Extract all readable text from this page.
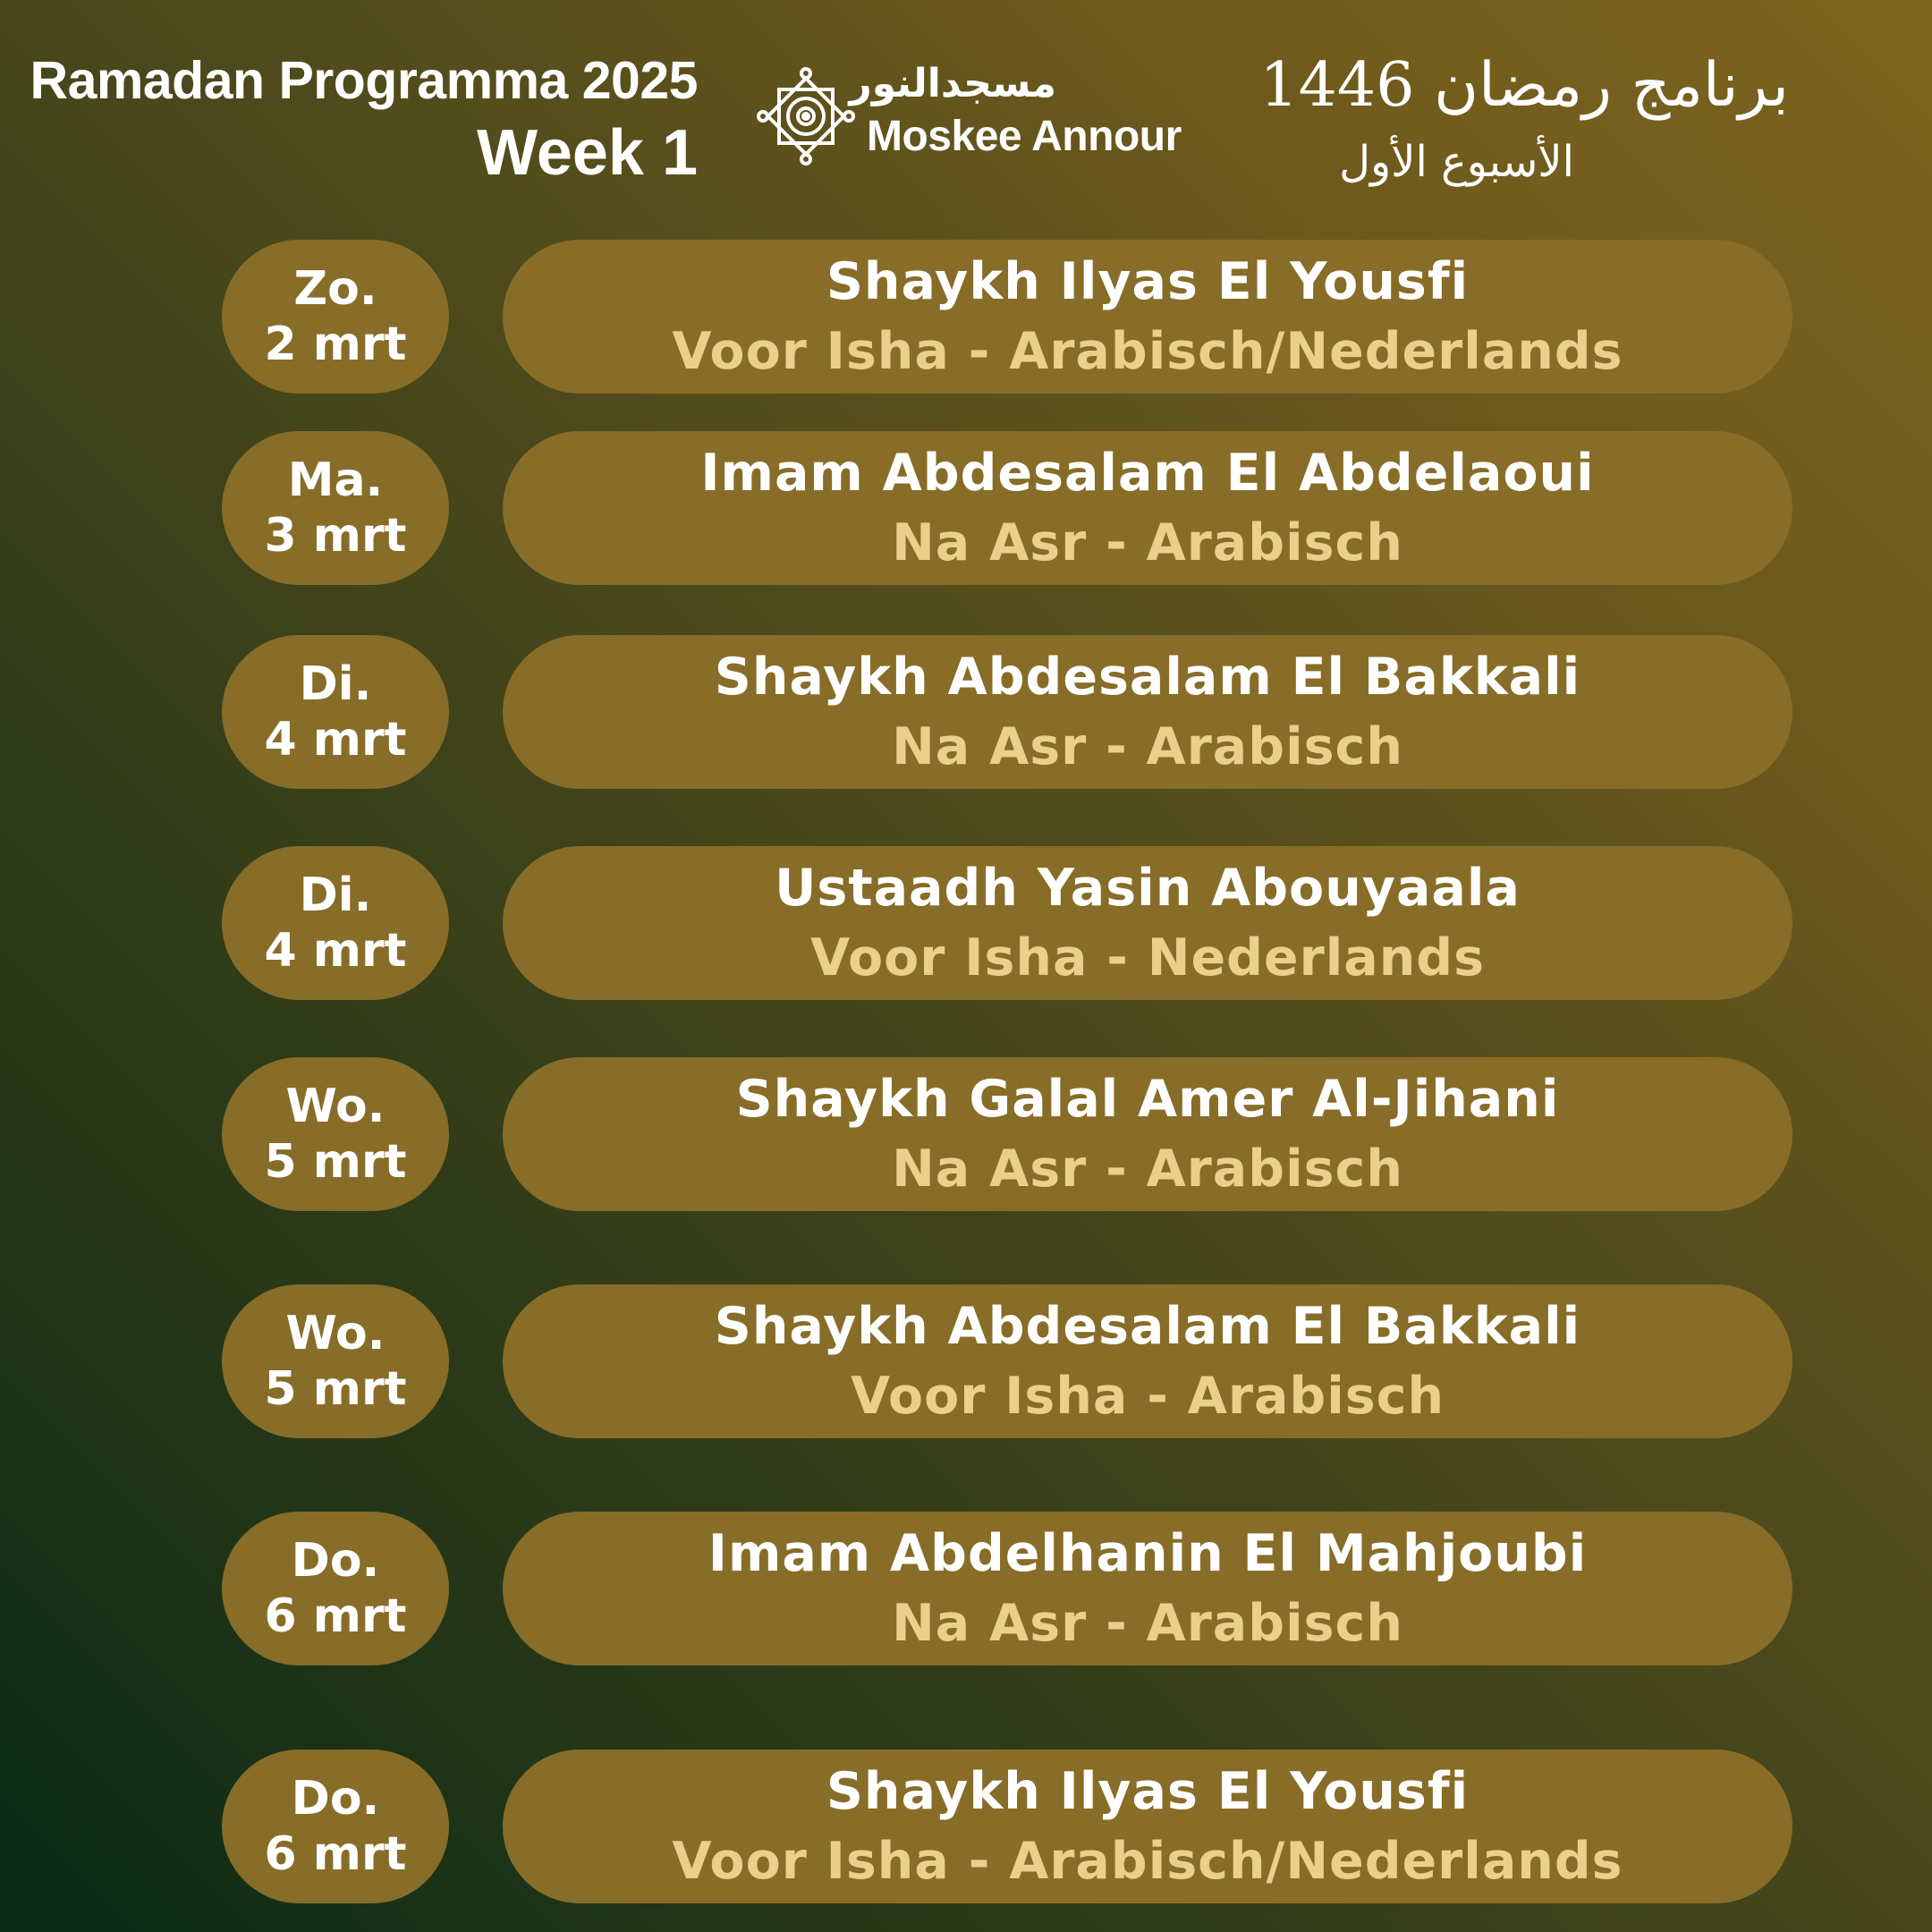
Ramadan Programma 2025
Week 1
مسجدالنور
Moskee Annour
برنامج رمضان 1446
الأسبوع الأول
Zo.
2 mrt
Shaykh Ilyas El Yousfi
Voor Isha - Arabisch/Nederlands
Ma.
3 mrt
Imam Abdesalam El Abdelaoui
Na Asr - Arabisch
Di.
4 mrt
Shaykh Abdesalam El Bakkali
Na Asr - Arabisch
Di.
4 mrt
Ustaadh Yasin Abouyaala
Voor Isha - Nederlands
Wo.
5 mrt
Shaykh Galal Amer Al-Jihani
Na Asr - Arabisch
Wo.
5 mrt
Shaykh Abdesalam El Bakkali
Voor Isha - Arabisch
Do.
6 mrt
Imam Abdelhanin El Mahjoubi
Na Asr - Arabisch
Do.
6 mrt
Shaykh Ilyas El Yousfi
Voor Isha - Arabisch/Nederlands
